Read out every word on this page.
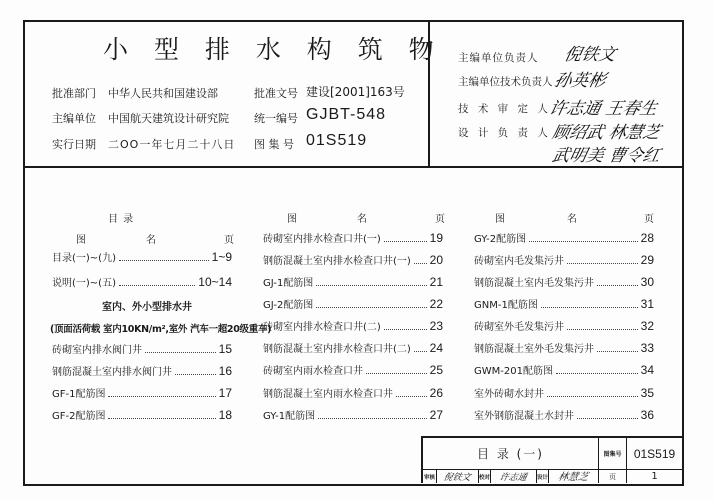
小 型 排 水 构 筑 物
批准部门 中华人民共和国建设部
主编单位 中国航天建筑设计研究院
实行日期 二OO一年七月二十八日
批准文号 建设[2001]163号
统一编号 GJBT-548
图 集 号 01S519
主编单位负责人 倪铁文
主编单位技术负责人 孙英彬
技 术 审 定 人
许志通 王春生
设 计 负 责 人 顾绍武 林慧芝
武明美 曹令红
目 录
图	名	页
图	名	页	图	名	页
目录(一)~(九)	1~9
说明(一)~(五)	10~14
室内、外小型排水井
(顶面活荷载 室内10KN/m²,室外 汽车一超20级重车)
砖砌室内排水阀门井	15
钢筋混凝土室内排水阀门井	16
GF-1配筋图	17
GF-2配筋图	18
砖砌室内排水检查口井(一)	19
钢筋混凝土室内排水检查口井(一) 20
GJ-1配筋图	21
GJ-2配筋图	22
砖砌室内排水检查口井(二)	23
钢筋混凝土室内排水检查口井(二) 24
砖砌室内雨水检查口井	25
钢筋混凝土室内雨水检查口井	26
GY-1配筋图	27
GY-2配筋图	28
砖砌室内毛发集污井	29
钢筋混凝土室内毛发集污井	30
GNM-1配筋图	31
砖砌室外毛发集污井	32
钢筋混凝土室外毛发集污井	33
GWM-201配筋图	34
室外砖砌水封井	35
室外钢筋混凝土水封井	36
目 录 (一)	图集号	01S519
页	1
审核 倪铁文	校对 许志通	设计 林慧芝
